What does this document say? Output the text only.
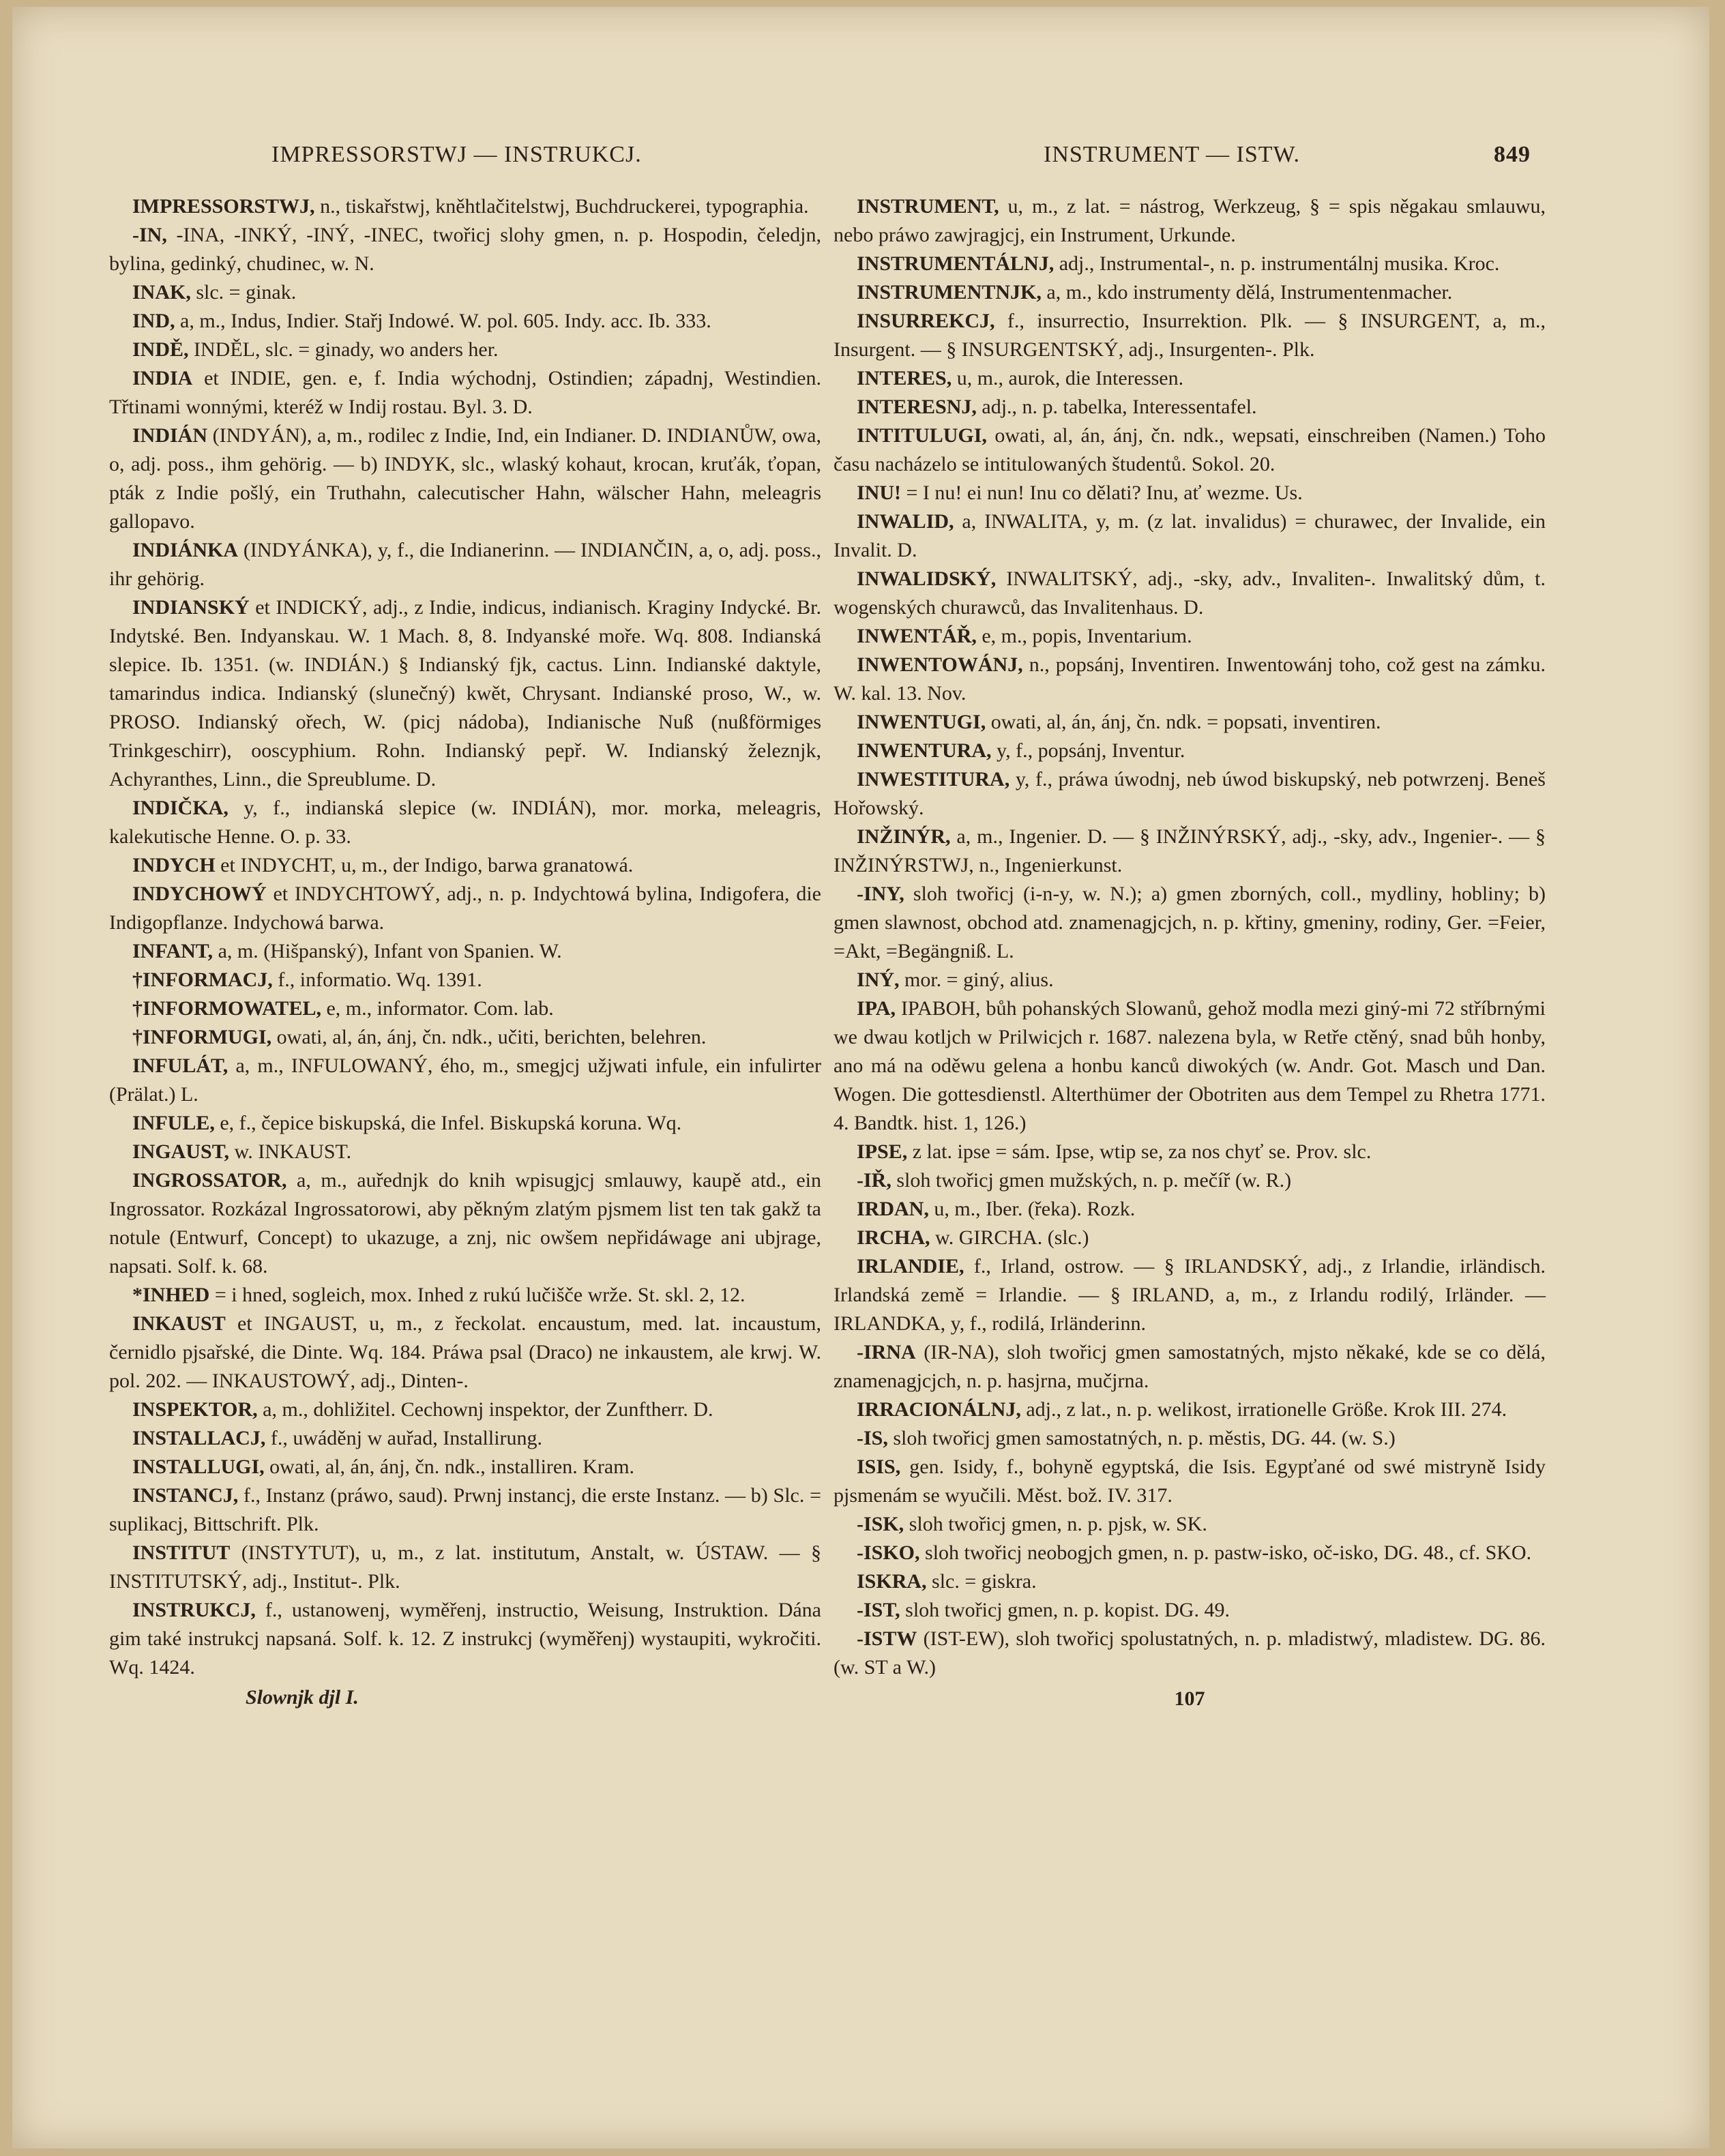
IMPRESSORSTWJ — INSTRUKCJ.	INSTRUMENT — ISTW.	849

IMPRESSORSTWJ, n., tiskařstwj, kněhtlačitelstwj, Buchdruckerei, typographia.

-IN, -INA, -INKÝ, -INÝ, -INEC, twořicj slohy gmen, n. p. Hospodin, čeledjn, bylina, gedinký, chudinec, w. N.

INAK, slc. = ginak.

IND, a, m., Indus, Indier. Stařj Indowé. W. pol. 605. Indy. acc. Ib. 333.

INDĚ, INDĚL, slc. = ginady, wo anders her.

INDIA et INDIE, gen. e, f. India wýchodnj, Ostindien; západnj, Westindien. Třtinami wonnými, kteréž w Indij rostau. Byl. 3. D.

INDIÁN (INDYÁN), a, m., rodilec z Indie, Ind, ein Indianer. D. INDIANŮW, owa, o, adj. poss., ihm gehörig. — b) INDYK, slc., wlaský kohaut, krocan, kruťák, ťopan, pták z Indie pošlý, ein Truthahn, calecutischer Hahn, wälscher Hahn, meleagris gallopavo.

INDIÁNKA (INDYÁNKA), y, f., die Indianerinn. — INDIANČIN, a, o, adj. poss., ihr gehörig.

INDIANSKÝ et INDICKÝ, adj., z Indie, indicus, indianisch. Kraginy Indycké. Br. Indytské. Ben. Indyanskau. W. 1 Mach. 8, 8. Indyanské moře. Wq. 808. Indianská slepice. Ib. 1351. (w. INDIÁN.) § Indianský fjk, cactus. Linn. Indianské daktyle, tamarindus indica. Indianský (slunečný) kwět, Chrysant. Indianské proso, W., w. PROSO. Indianský ořech, W. (picj nádoba), Indianische Nuß (nußförmiges Trinkgeschirr), ooscyphium. Rohn. Indianský pepř. W. Indianský železnjk, Achyranthes, Linn., die Spreublume. D.

INDIČKA, y, f., indianská slepice (w. INDIÁN), mor. morka, meleagris, kalekutische Henne. O. p. 33.

INDYCH et INDYCHT, u, m., der Indigo, barwa granatowá.

INDYCHOWÝ et INDYCHTOWÝ, adj., n. p. Indychtowá bylina, Indigofera, die Indigopflanze. Indychowá barwa.

INFANT, a, m. (Hišpanský), Infant von Spanien. W.

†INFORMACJ, f., informatio. Wq. 1391.

†INFORMOWATEL, e, m., informator. Com. lab.

†INFORMUGI, owati, al, án, ánj, čn. ndk., učiti, berichten, belehren.

INFULÁT, a, m., INFULOWANÝ, ého, m., smegjcj užjwati infule, ein infulirter (Prälat.) L.

INFULE, e, f., čepice biskupská, die Infel. Biskupská koruna. Wq.

INGAUST, w. INKAUST.

INGROSSATOR, a, m., auřednjk do knih wpisugjcj smlauwy, kaupě atd., ein Ingrossator. Rozkázal Ingrossatorowi, aby pěkným zlatým pjsmem list ten tak gakž ta notule (Entwurf, Concept) to ukazuge, a znj, nic owšem nepřidáwage ani ubjrage, napsati. Solf. k. 68.

*INHED = i hned, sogleich, mox. Inhed z rukú lučišče wrže. St. skl. 2, 12.

INKAUST et INGAUST, u, m., z řeckolat. encaustum, med. lat. incaustum, černidlo pjsařské, die Dinte. Wq. 184. Práwa psal (Draco) ne inkaustem, ale krwj. W. pol. 202. — INKAUSTOWÝ, adj., Dinten-.

INSPEKTOR, a, m., dohližitel. Cechownj inspektor, der Zunftherr. D.

INSTALLACJ, f., uwáděnj w auřad, Installirung.

INSTALLUGI, owati, al, án, ánj, čn. ndk., installiren. Kram.

INSTANCJ, f., Instanz (práwo, saud). Prwnj instancj, die erste Instanz. — b) Slc. = suplikacj, Bittschrift. Plk.

INSTITUT (INSTYTUT), u, m., z lat. institutum, Anstalt, w. ÚSTAW. — § INSTITUTSKÝ, adj., Institut-. Plk.

INSTRUKCJ, f., ustanowenj, wyměřenj, instructio, Weisung, Instruktion. Dána gim také instrukcj napsaná. Solf. k. 12. Z instrukcj (wyměřenj) wystaupiti, wykročiti. Wq. 1424.

Slownjk djl I.

INSTRUMENT, u, m., z lat. = nástrog, Werkzeug, § = spis něgakau smlauwu, nebo práwo zawjragjcj, ein Instrument, Urkunde.

INSTRUMENTÁLNJ, adj., Instrumental-, n. p. instrumentálnj musika. Kroc.

INSTRUMENTNJK, a, m., kdo instrumenty dělá, Instrumentenmacher.

INSURREKCJ, f., insurrectio, Insurrektion. Plk. — § INSURGENT, a, m., Insurgent. — § INSURGENTSKÝ, adj., Insurgenten-. Plk.

INTERES, u, m., aurok, die Interessen.

INTERESNJ, adj., n. p. tabelka, Interessentafel.

INTITULUGI, owati, al, án, ánj, čn. ndk., wepsati, einschreiben (Namen.) Toho času nacházelo se intitulowaných študentů. Sokol. 20.

INU! = I nu! ei nun! Inu co dělati? Inu, ať wezme. Us.

INWALID, a, INWALITA, y, m. (z lat. invalidus) = churawec, der Invalide, ein Invalit. D.

INWALIDSKÝ, INWALITSKÝ, adj., -sky, adv., Invaliten-. Inwalitský dům, t. wogenských churawců, das Invalitenhaus. D.

INWENTÁŘ, e, m., popis, Inventarium.

INWENTOWÁNJ, n., popsánj, Inventiren. Inwentowánj toho, což gest na zámku. W. kal. 13. Nov.

INWENTUGI, owati, al, án, ánj, čn. ndk. = popsati, inventiren.

INWENTURA, y, f., popsánj, Inventur.

INWESTITURA, y, f., práwa úwodnj, neb úwod biskupský, neb potwrzenj. Beneš Hořowský.

INŽINÝR, a, m., Ingenier. D. — § INŽINÝRSKÝ, adj., -sky, adv., Ingenier-. — § INŽINÝRSTWJ, n., Ingenierkunst.

-INY, sloh twořicj (i-n-y, w. N.); a) gmen zborných, coll., mydliny, hobliny; b) gmen slawnost, obchod atd. znamenagjcjch, n. p. křtiny, gmeniny, rodiny, Ger. =Feier, =Akt, =Begängniß. L.

INÝ, mor. = giný, alius.

IPA, IPABOH, bůh pohanských Slowanů, gehož modla mezi giný-mi 72 stříbrnými we dwau kotljch w Prilwicjch r. 1687. nalezena byla, w Retře ctěný, snad bůh honby, ano má na oděwu gelena a honbu kanců diwokých (w. Andr. Got. Masch und Dan. Wogen. Die gottesdienstl. Alterthümer der Obotriten aus dem Tempel zu Rhetra 1771. 4. Bandtk. hist. 1, 126.)

IPSE, z lat. ipse = sám. Ipse, wtip se, za nos chyť se. Prov. slc.

-IŘ, sloh twořicj gmen mužských, n. p. mečíř (w. R.)

IRDAN, u, m., Iber. (řeka). Rozk.

IRCHA, w. GIRCHA. (slc.)

IRLANDIE, f., Irland, ostrow. — § IRLANDSKÝ, adj., z Irlandie, irländisch. Irlandská země = Irlandie. — § IRLAND, a, m., z Irlandu rodilý, Irländer. — IRLANDKA, y, f., rodilá, Irländerinn.

-IRNA (IR-NA), sloh twořicj gmen samostatných, mjsto někaké, kde se co dělá, znamenagjcjch, n. p. hasjrna, mučjrna.

IRRACIONÁLNJ, adj., z lat., n. p. welikost, irrationelle Größe. Krok III. 274.

-IS, sloh twořicj gmen samostatných, n. p. městis, DG. 44. (w. S.)

ISIS, gen. Isidy, f., bohyně egyptská, die Isis. Egypťané od swé mistryně Isidy pjsmenám se wyučili. Měst. bož. IV. 317.

-ISK, sloh twořicj gmen, n. p. pjsk, w. SK.

-ISKO, sloh twořicj neobogjch gmen, n. p. pastw-isko, oč-isko, DG. 48., cf. SKO.

ISKRA, slc. = giskra.

-IST, sloh twořicj gmen, n. p. kopist. DG. 49.

-ISTW (IST-EW), sloh twořicj spolustatných, n. p. mladistwý, mladistew. DG. 86. (w. ST a W.)

107
